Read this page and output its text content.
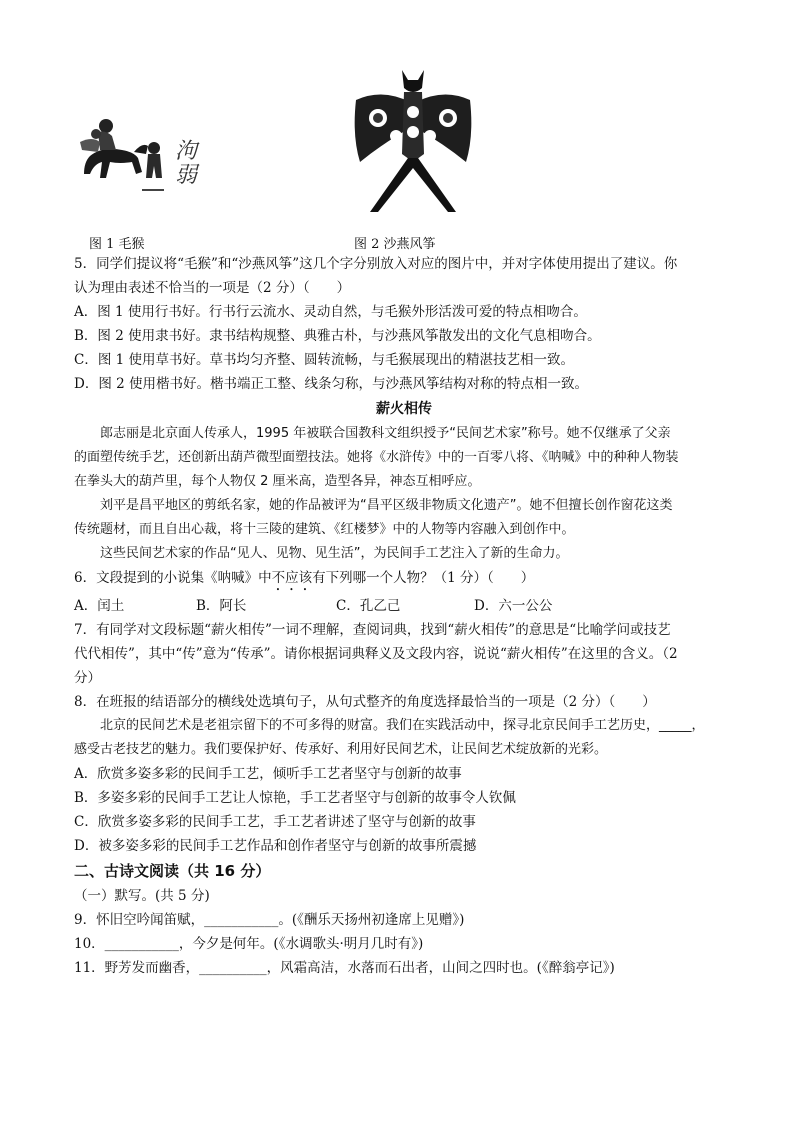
泃
弱
图 1 毛猴	图 2 沙燕风筝
5．同学们提议将“毛猴”和“沙燕风筝”这几个字分别放入对应的图片中，并对字体使用提出了建议。你
认为理由表述不恰当的一项是（2 分）（　　）
A．图 1 使用行书好。行书行云流水、灵动自然，与毛猴外形活泼可爱的特点相吻合。
B．图 2 使用隶书好。隶书结构规整、典雅古朴，与沙燕风筝散发出的文化气息相吻合。
C．图 1 使用草书好。草书均匀齐整、圆转流畅，与毛猴展现出的精湛技艺相一致。
D．图 2 使用楷书好。楷书端正工整、线条匀称，与沙燕风筝结构对称的特点相一致。
薪火相传
郎志丽是北京面人传承人，1995 年被联合国教科文组织授予“民间艺术家”称号。她不仅继承了父亲
的面塑传统手艺，还创新出葫芦微型面塑技法。她将《水浒传》中的一百零八将、《呐喊》中的种种人物装
在拳头大的葫芦里，每个人物仅 2 厘米高，造型各异，神态互相呼应。
刘平是昌平地区的剪纸名家，她的作品被评为“昌平区级非物质文化遗产”。她不但擅长创作窗花这类
传统题材，而且自出心裁，将十三陵的建筑、《红楼梦》中的人物等内容融入到创作中。
这些民间艺术家的作品“见人、见物、见生活”，为民间手工艺注入了新的生命力。
6．文段提到的小说集《呐喊》中不应该有下列哪一个人物？（1 分）（　　）
A．闰土	B．阿长	C．孔乙己	D．六一公公
7．有同学对文段标题“薪火相传”一词不理解，查阅词典，找到“薪火相传”的意思是“比喻学问或技艺
代代相传”，其中“传”意为“传承”。请你根据词典释义及文段内容，说说“薪火相传”在这里的含义。（2
分）
8．在班报的结语部分的横线处选填句子，从句式整齐的角度选择最恰当的一项是（2 分）（　　）
北京的民间艺术是老祖宗留下的不可多得的财富。我们在实践活动中，探寻北京民间手工艺历史，_____，
感受古老技艺的魅力。我们要保护好、传承好、利用好民间艺术，让民间艺术绽放新的光彩。
A．欣赏多姿多彩的民间手工艺，倾听手工艺者坚守与创新的故事
B．多姿多彩的民间手工艺让人惊艳，手工艺者坚守与创新的故事令人钦佩
C．欣赏多姿多彩的民间手工艺，手工艺者讲述了坚守与创新的故事
D．被多姿多彩的民间手工艺作品和创作者坚守与创新的故事所震撼
二、古诗文阅读（共 16 分）
（一）默写。(共 5 分)
9．怀旧空吟闻笛赋，___________。(《酬乐天扬州初逢席上见赠》)
10．___________，今夕是何年。(《水调歌头·明月几时有》)
11．野芳发而幽香，__________，风霜高洁，水落而石出者，山间之四时也。(《醉翁亭记》)
